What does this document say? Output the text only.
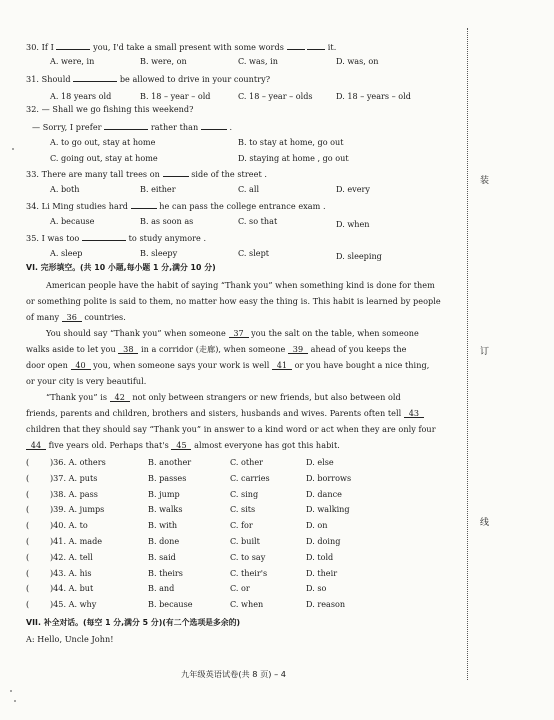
30. If I	you, I'd take a small present with some words	it.
A. were, in	B. were, on	C. was, in	D. was, on
31. Should	be allowed to drive in your country?
A. 18 years old	B. 18 – year – old	C. 18 – year – olds	D. 18 – years – old
32. — Shall we go fishing this weekend?
— Sorry, I prefer	rather than	.
A. to go out, stay at home	B. to stay at home, go out
C. going out, stay at home	D. staying at home , go out
33. There are many tall trees on	side of the street .
A. both	B. either	C. all	D. every
34. Li Ming studies hard	he can pass the college entrance exam .
A. because	B. as soon as	C. so that	D. when
35. I was too	to study anymore .
A. sleep	B. sleepy	C. slept	D. sleeping
VI. 完形填空。(共 10 小题,每小题 1 分,满分 10 分)
American people have the habit of saying “Thank you” when something kind is done for them
or something polite is said to them, no matter how easy the thing is. This habit is learned by people
of many 36 countries.
You should say “Thank you” when someone 37 you the salt on the table, when someone
walks aside to let you 38 in a corridor (走廊), when someone 39 ahead of you keeps the
door open 40 you, when someone says your work is well 41 or you have bought a nice thing,
or your city is very beautiful.
“Thank you” is 42 not only between strangers or new friends, but also between old
friends, parents and children, brothers and sisters, husbands and wives. Parents often tell 43
children that they should say “Thank you” in answer to a kind word or act when they are only four
44 five years old. Perhaps that's 45 almost everyone has got this habit.
(	)36. A. others	B. another	C. other	D. else
(	)37. A. puts	B. passes	C. carries	D. borrows
(	)38. A. pass	B. jump	C. sing	D. dance
(	)39. A. jumps	B. walks	C. sits	D. walking
(	)40. A. to	B. with	C. for	D. on
(	)41. A. made	B. done	C. built	D. doing
(	)42. A. tell	B. said	C. to say	D. told
(	)43. A. his	B. theirs	C. their's	D. their
(	)44. A. but	B. and	C. or	D. so
(	)45. A. why	B. because	C. when	D. reason
VII. 补全对话。(每空 1 分,满分 5 分)(有二个选项是多余的)
A: Hello, Uncle John!
九年级英语试卷(共 8 页) – 4
装
订
线
